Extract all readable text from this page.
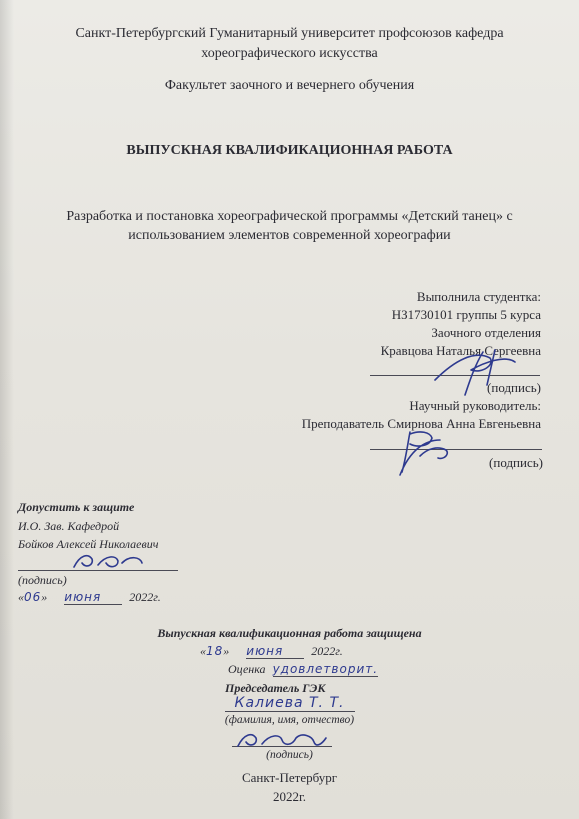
Санкт-Петербургский Гуманитарный университет профсоюзов кафедра
хореографического искусства
Факультет заочного и вечернего обучения
ВЫПУСКНАЯ КВАЛИФИКАЦИОННАЯ РАБОТА
Разработка и постановка хореографической программы «Детский танец» с
использованием элементов современной хореографии
Выполнила студентка:
НЗ1730101 группы 5 курса
Заочного отделения
Кравцова Наталья Сергеевна
(подпись)
Научный руководитель:
Преподаватель Смирнова Анна Евгеньевна
(подпись)
Допустить к защите
И.О. Зав. Кафедрой
Бойков Алексей Николаевич
(подпись)
«06» июня 2022г.
Выпускная квалификационная работа защищена
«18» июня 2022г.
Оценка удовлетворит.
Председатель ГЭК
Калиева Т. Т.
(фамилия, имя, отчество)
(подпись)
Санкт-Петербург
2022г.
